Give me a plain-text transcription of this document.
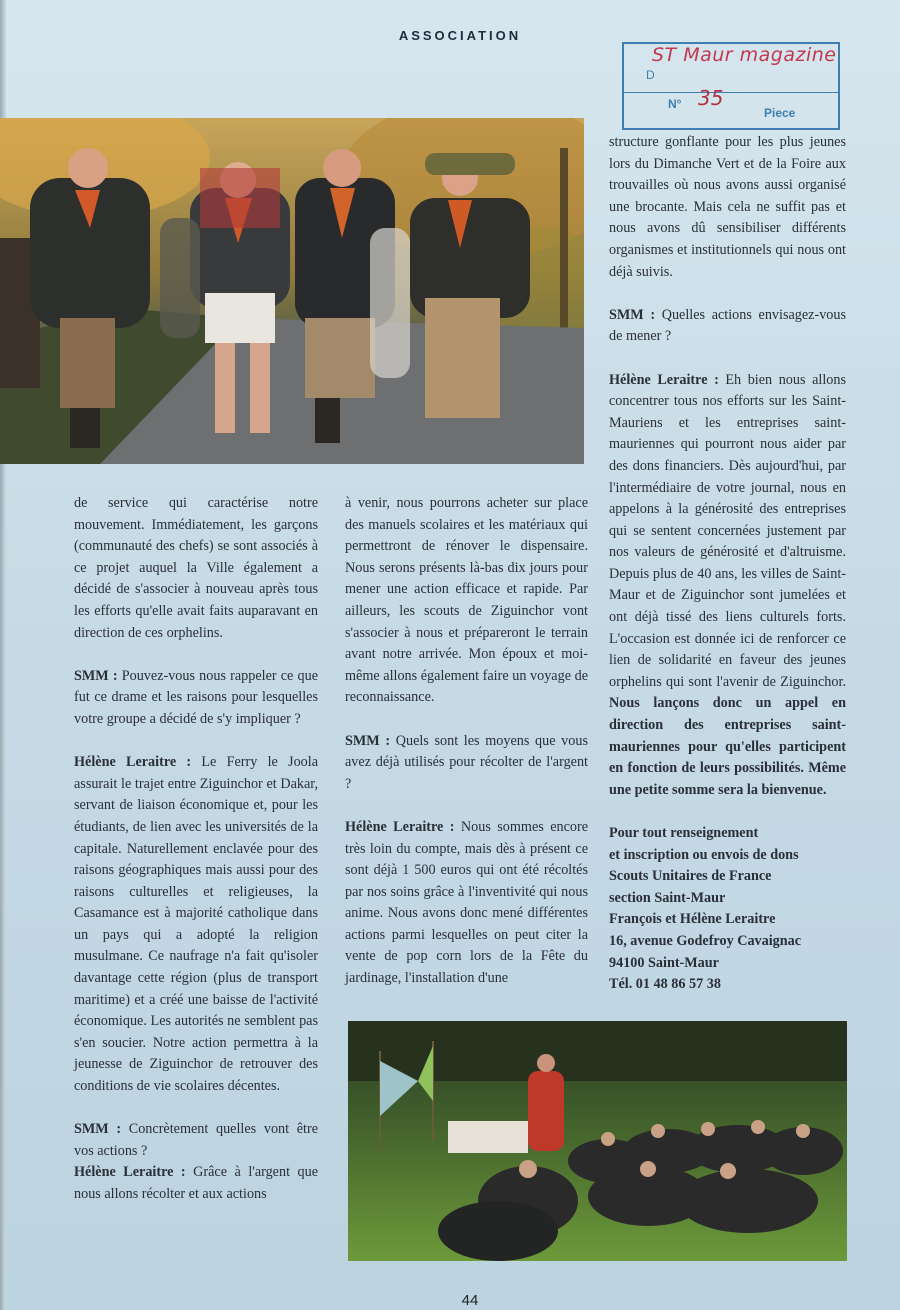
ASSOCIATION
ST Maur magazine
D
N° 35
Piece

de service qui caractérise notre mouvement. Immédiatement, les garçons (communauté des chefs) se sont associés à ce projet auquel la Ville également a décidé de s'associer à nouveau après tous les efforts qu'elle avait faits auparavant en direction de ces orphelins.

SMM : Pouvez-vous nous rappeler ce que fut ce drame et les raisons pour lesquelles votre groupe a décidé de s'y impliquer ?

Hélène Leraitre : Le Ferry le Joola assurait le trajet entre Ziguinchor et Dakar, servant de liaison économique et, pour les étudiants, de lien avec les universités de la capitale. Naturellement enclavée pour des raisons géographiques mais aussi pour des raisons culturelles et religieuses, la Casamance est à majorité catholique dans un pays qui a adopté la religion musulmane. Ce naufrage n'a fait qu'isoler davantage cette région (plus de transport maritime) et a créé une baisse de l'activité économique. Les autorités ne semblent pas s'en soucier. Notre action permettra à la jeunesse de Ziguinchor de retrouver des conditions de vie scolaires décentes.

SMM : Concrètement quelles vont être vos actions ?

Hélène Leraitre : Grâce à l'argent que nous allons récolter et aux actions

à venir, nous pourrons acheter sur place des manuels scolaires et les matériaux qui permettront de rénover le dispensaire. Nous serons présents là-bas dix jours pour mener une action efficace et rapide. Par ailleurs, les scouts de Ziguinchor vont s'associer à nous et prépareront le terrain avant notre arrivée. Mon époux et moi-même allons également faire un voyage de reconnaissance.

SMM : Quels sont les moyens que vous avez déjà utilisés pour récolter de l'argent ?

Hélène Leraitre : Nous sommes encore très loin du compte, mais dès à présent ce sont déjà 1 500 euros qui ont été récoltés par nos soins grâce à l'inventivité qui nous anime. Nous avons donc mené différentes actions parmi lesquelles on peut citer la vente de pop corn lors de la Fête du jardinage, l'installation d'une

structure gonflante pour les plus jeunes lors du Dimanche Vert et de la Foire aux trouvailles où nous avons aussi organisé une brocante. Mais cela ne suffit pas et nous avons dû sensibiliser différents organismes et institutionnels qui nous ont déjà suivis.

SMM : Quelles actions envisagez-vous de mener ?

Hélène Leraitre : Eh bien nous allons concentrer tous nos efforts sur les Saint-Mauriens et les entreprises saint-mauriennes qui pourront nous aider par des dons financiers. Dès aujourd'hui, par l'intermédiaire de votre journal, nous en appelons à la générosité des entreprises qui se sentent concernées justement par nos valeurs de générosité et d'altruisme. Depuis plus de 40 ans, les villes de Saint-Maur et de Ziguinchor sont jumelées et ont déjà tissé des liens culturels forts. L'occasion est donnée ici de renforcer ce lien de solidarité en faveur des jeunes orphelins qui sont l'avenir de Ziguinchor. Nous lançons donc un appel en direction des entreprises saint-mauriennes pour qu'elles participent en fonction de leurs possibilités. Même une petite somme sera la bienvenue.

Pour tout renseignement
et inscription ou envois de dons
Scouts Unitaires de France
section Saint-Maur
François et Hélène Leraitre
16, avenue Godefroy Cavaignac
94100 Saint-Maur
Tél. 01 48 86 57 38
44
